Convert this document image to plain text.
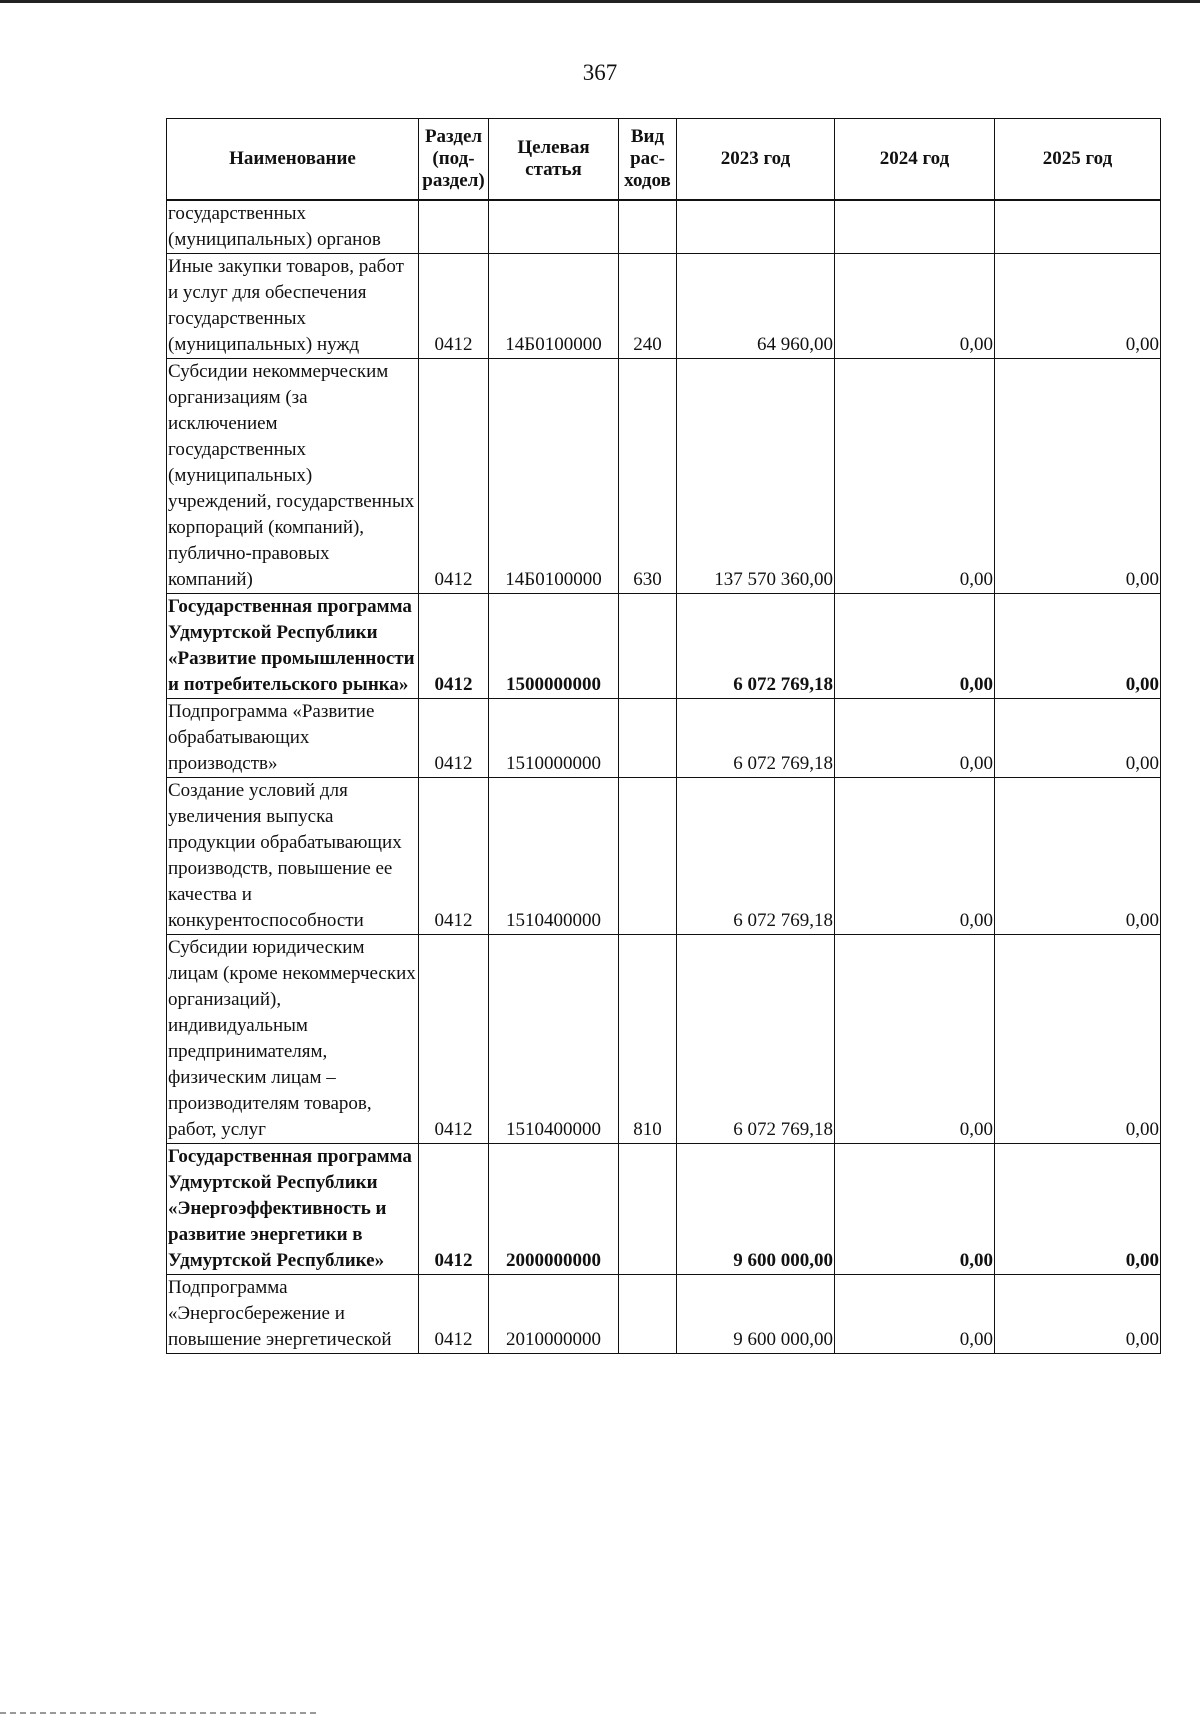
367
Наименование	Раздел (под-раздел)	Целевая статья	Вид рас-ходов	2023 год	2024 год	2025 год
государственных (муниципальных) органов						
Иные закупки товаров, работ и услуг для обеспечения государственных (муниципальных) нужд	0412	14Б0100000	240	64 960,00	0,00	0,00
Субсидии некоммерческим организациям (за исключением государственных (муниципальных) учреждений, государственных корпораций (компаний), публично-правовых компаний)	0412	14Б0100000	630	137 570 360,00	0,00	0,00
Государственная программа Удмуртской Республики «Развитие промышленности и потребительского рынка»	0412	1500000000		6 072 769,18	0,00	0,00
Подпрограмма «Развитие обрабатывающих производств»	0412	1510000000		6 072 769,18	0,00	0,00
Создание условий для увеличения выпуска продукции обрабатывающих производств, повышение ее качества и конкурентоспособности	0412	1510400000		6 072 769,18	0,00	0,00
Субсидии юридическим лицам (кроме некоммерческих организаций), индивидуальным предпринимателям, физическим лицам – производителям товаров, работ, услуг	0412	1510400000	810	6 072 769,18	0,00	0,00
Государственная программа Удмуртской Республики «Энергоэффективность и развитие энергетики в Удмуртской Республике»	0412	2000000000		9 600 000,00	0,00	0,00
Подпрограмма «Энергосбережение и повышение энергетической	0412	2010000000		9 600 000,00	0,00	0,00
